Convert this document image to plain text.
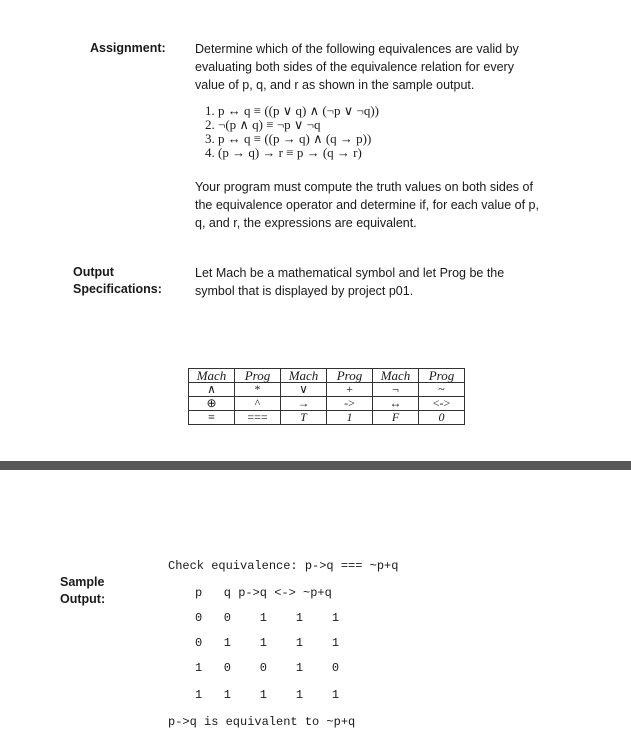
Assignment: Determine which of the following equivalences are valid by
evaluating both sides of the equivalence relation for every
value of p, q, and r as shown in the sample output.
1. p ↔ q ≡ ((p ∨ q) ∧ (¬p ∨ ¬q))
2. ¬(p ∧ q) ≡ ¬p ∨ ¬q
3. p ↔ q ≡ ((p → q) ∧ (q → p))
4. (p → q) → r ≡ p → (q → r)
Your program must compute the truth values on both sides of
the equivalence operator and determine if, for each value of p,
q, and r, the expressions are equivalent.
Output
Specifications:
Let Mach be a mathematical symbol and let Prog be the
symbol that is displayed by project p01.
Mach	Prog	Mach	Prog	Mach	Prog
∧	*	∨	+	¬	~
⊕	^	→	->	↔	<->
≡	===	T	1	F	0
Sample
Output:
Check equivalence: p->q === ~p+q
p   q p->q <-> ~p+q
0   0    1    1    1
0   1    1    1    1
1   0    0    1    0
1   1    1    1    1
p->q is equivalent to ~p+q
